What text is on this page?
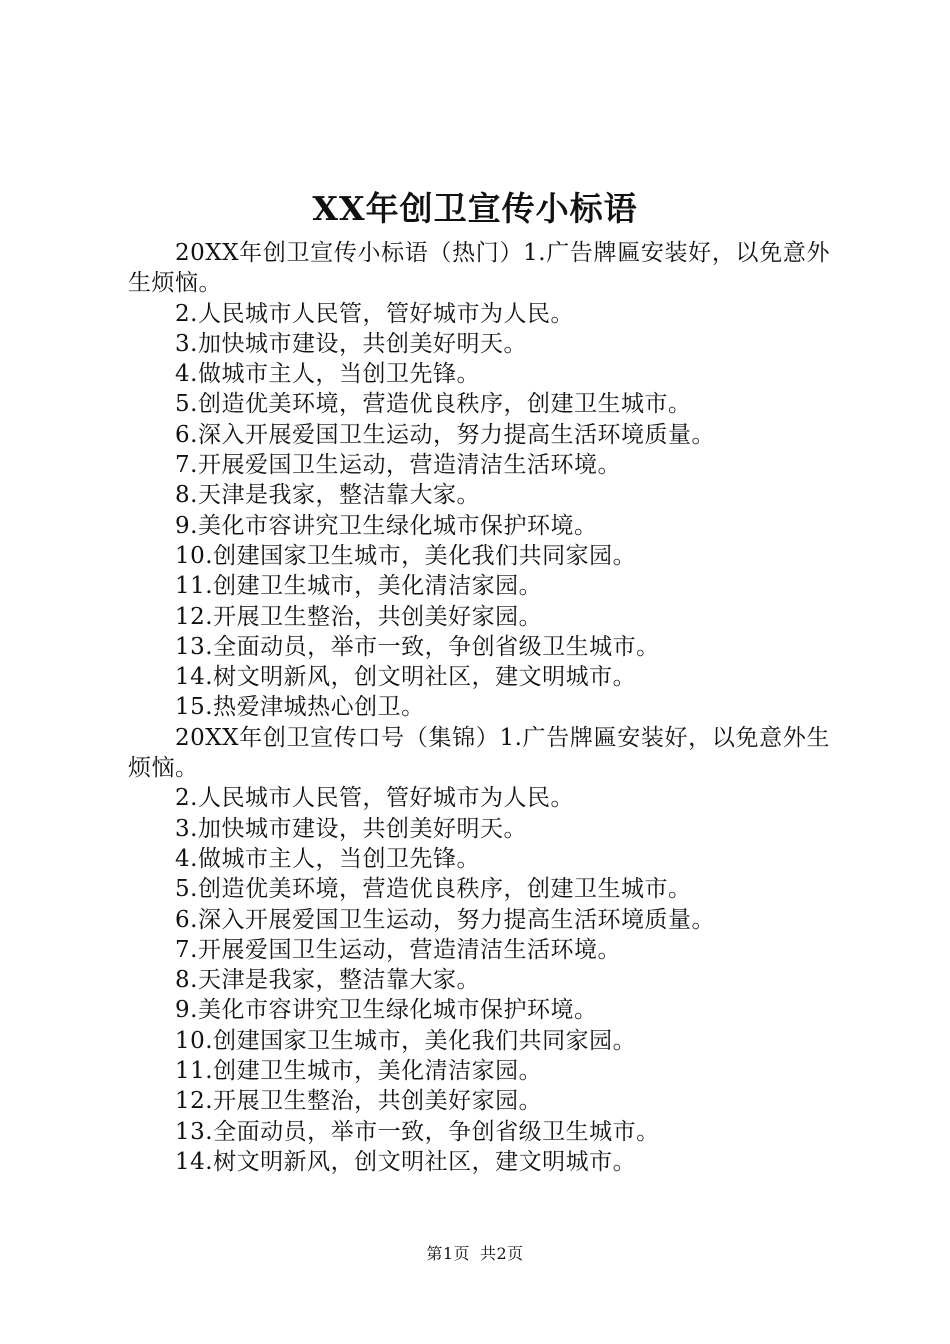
XX年创卫宣传小标语

20XX年创卫宣传小标语（热门）1.广告牌匾安装好，以免意外生烦恼。

2.人民城市人民管，管好城市为人民。

3.加快城市建设，共创美好明天。

4.做城市主人，当创卫先锋。

5.创造优美环境，营造优良秩序，创建卫生城市。

6.深入开展爱国卫生运动，努力提高生活环境质量。

7.开展爱国卫生运动，营造清洁生活环境。

8.天津是我家，整洁靠大家。

9.美化市容讲究卫生绿化城市保护环境。

10.创建国家卫生城市，美化我们共同家园。

11.创建卫生城市，美化清洁家园。

12.开展卫生整治，共创美好家园。

13.全面动员，举市一致，争创省级卫生城市。

14.树文明新风，创文明社区，建文明城市。

15.热爱津城热心创卫。

20XX年创卫宣传口号（集锦）1.广告牌匾安装好，以免意外生烦恼。

2.人民城市人民管，管好城市为人民。

3.加快城市建设，共创美好明天。

4.做城市主人，当创卫先锋。

5.创造优美环境，营造优良秩序，创建卫生城市。

6.深入开展爱国卫生运动，努力提高生活环境质量。

7.开展爱国卫生运动，营造清洁生活环境。

8.天津是我家，整洁靠大家。

9.美化市容讲究卫生绿化城市保护环境。

10.创建国家卫生城市，美化我们共同家园。

11.创建卫生城市，美化清洁家园。

12.开展卫生整治，共创美好家园。

13.全面动员，举市一致，争创省级卫生城市。

14.树文明新风，创文明社区，建文明城市。

第1页 共2页
